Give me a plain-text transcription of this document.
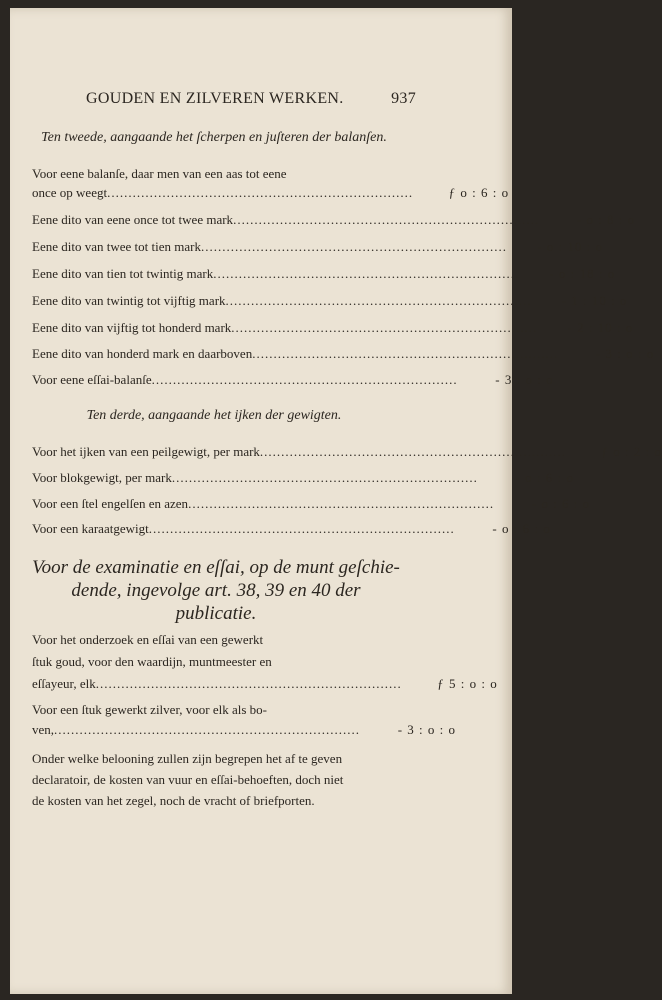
GOUDEN EN ZILVEREN WERKEN.	937
Ten tweede, aangaande het ſcherpen en juſteren der balanſen.
Voor eene balanſe, daar men van een aas tot eene
once op weegt ........................................................................	ƒ o : 6 : o
Eene dito van eene once tot twee mark ........................................................................	- o : 8 : o
Eene dito van twee tot tien mark ........................................................................	- o : 10 : o
Eene dito van tien tot twintig mark ........................................................................	- o : 18 : o
Eene dito van twintig tot vijftig mark ........................................................................	- 1 : 10 : o
Eene dito van vijftig tot honderd mark ........................................................................	- 2 : 10 : o
Eene dito van honderd mark en daarboven ........................................................................	- 3 : o : o
Voor eene eſſai-balanſe ........................................................................	- 3 : o : o
Ten derde, aangaande het ijken der gewigten.
Voor het ijken van een peilgewigt, per mark ........................................................................	ƒ o : 2 : o
Voor blokgewigt, per mark ........................................................................	- o : 6 : o
Voor een ſtel engelſen en azen ........................................................................	- o : 6 : o
Voor een karaatgewigt ........................................................................	- o : 6 : o
Voor de examinatie en eſſai, op de munt geſchie-
dende, ingevolge art. 38, 39 en 40 der
publicatie.
Voor het onderzoek en eſſai van een gewerkt
ſtuk goud, voor den waardijn, muntmeester en
eſſayeur, elk ........................................................................	ƒ 5 : o : o
Voor een ſtuk gewerkt zilver, voor elk als bo-
ven, ........................................................................	- 3 : o : o
Onder welke belooning zullen zijn begrepen het af te geven
declaratoir, de kosten van vuur en eſſai-behoeften, doch niet
de kosten van het zegel, noch de vracht of briefporten.
